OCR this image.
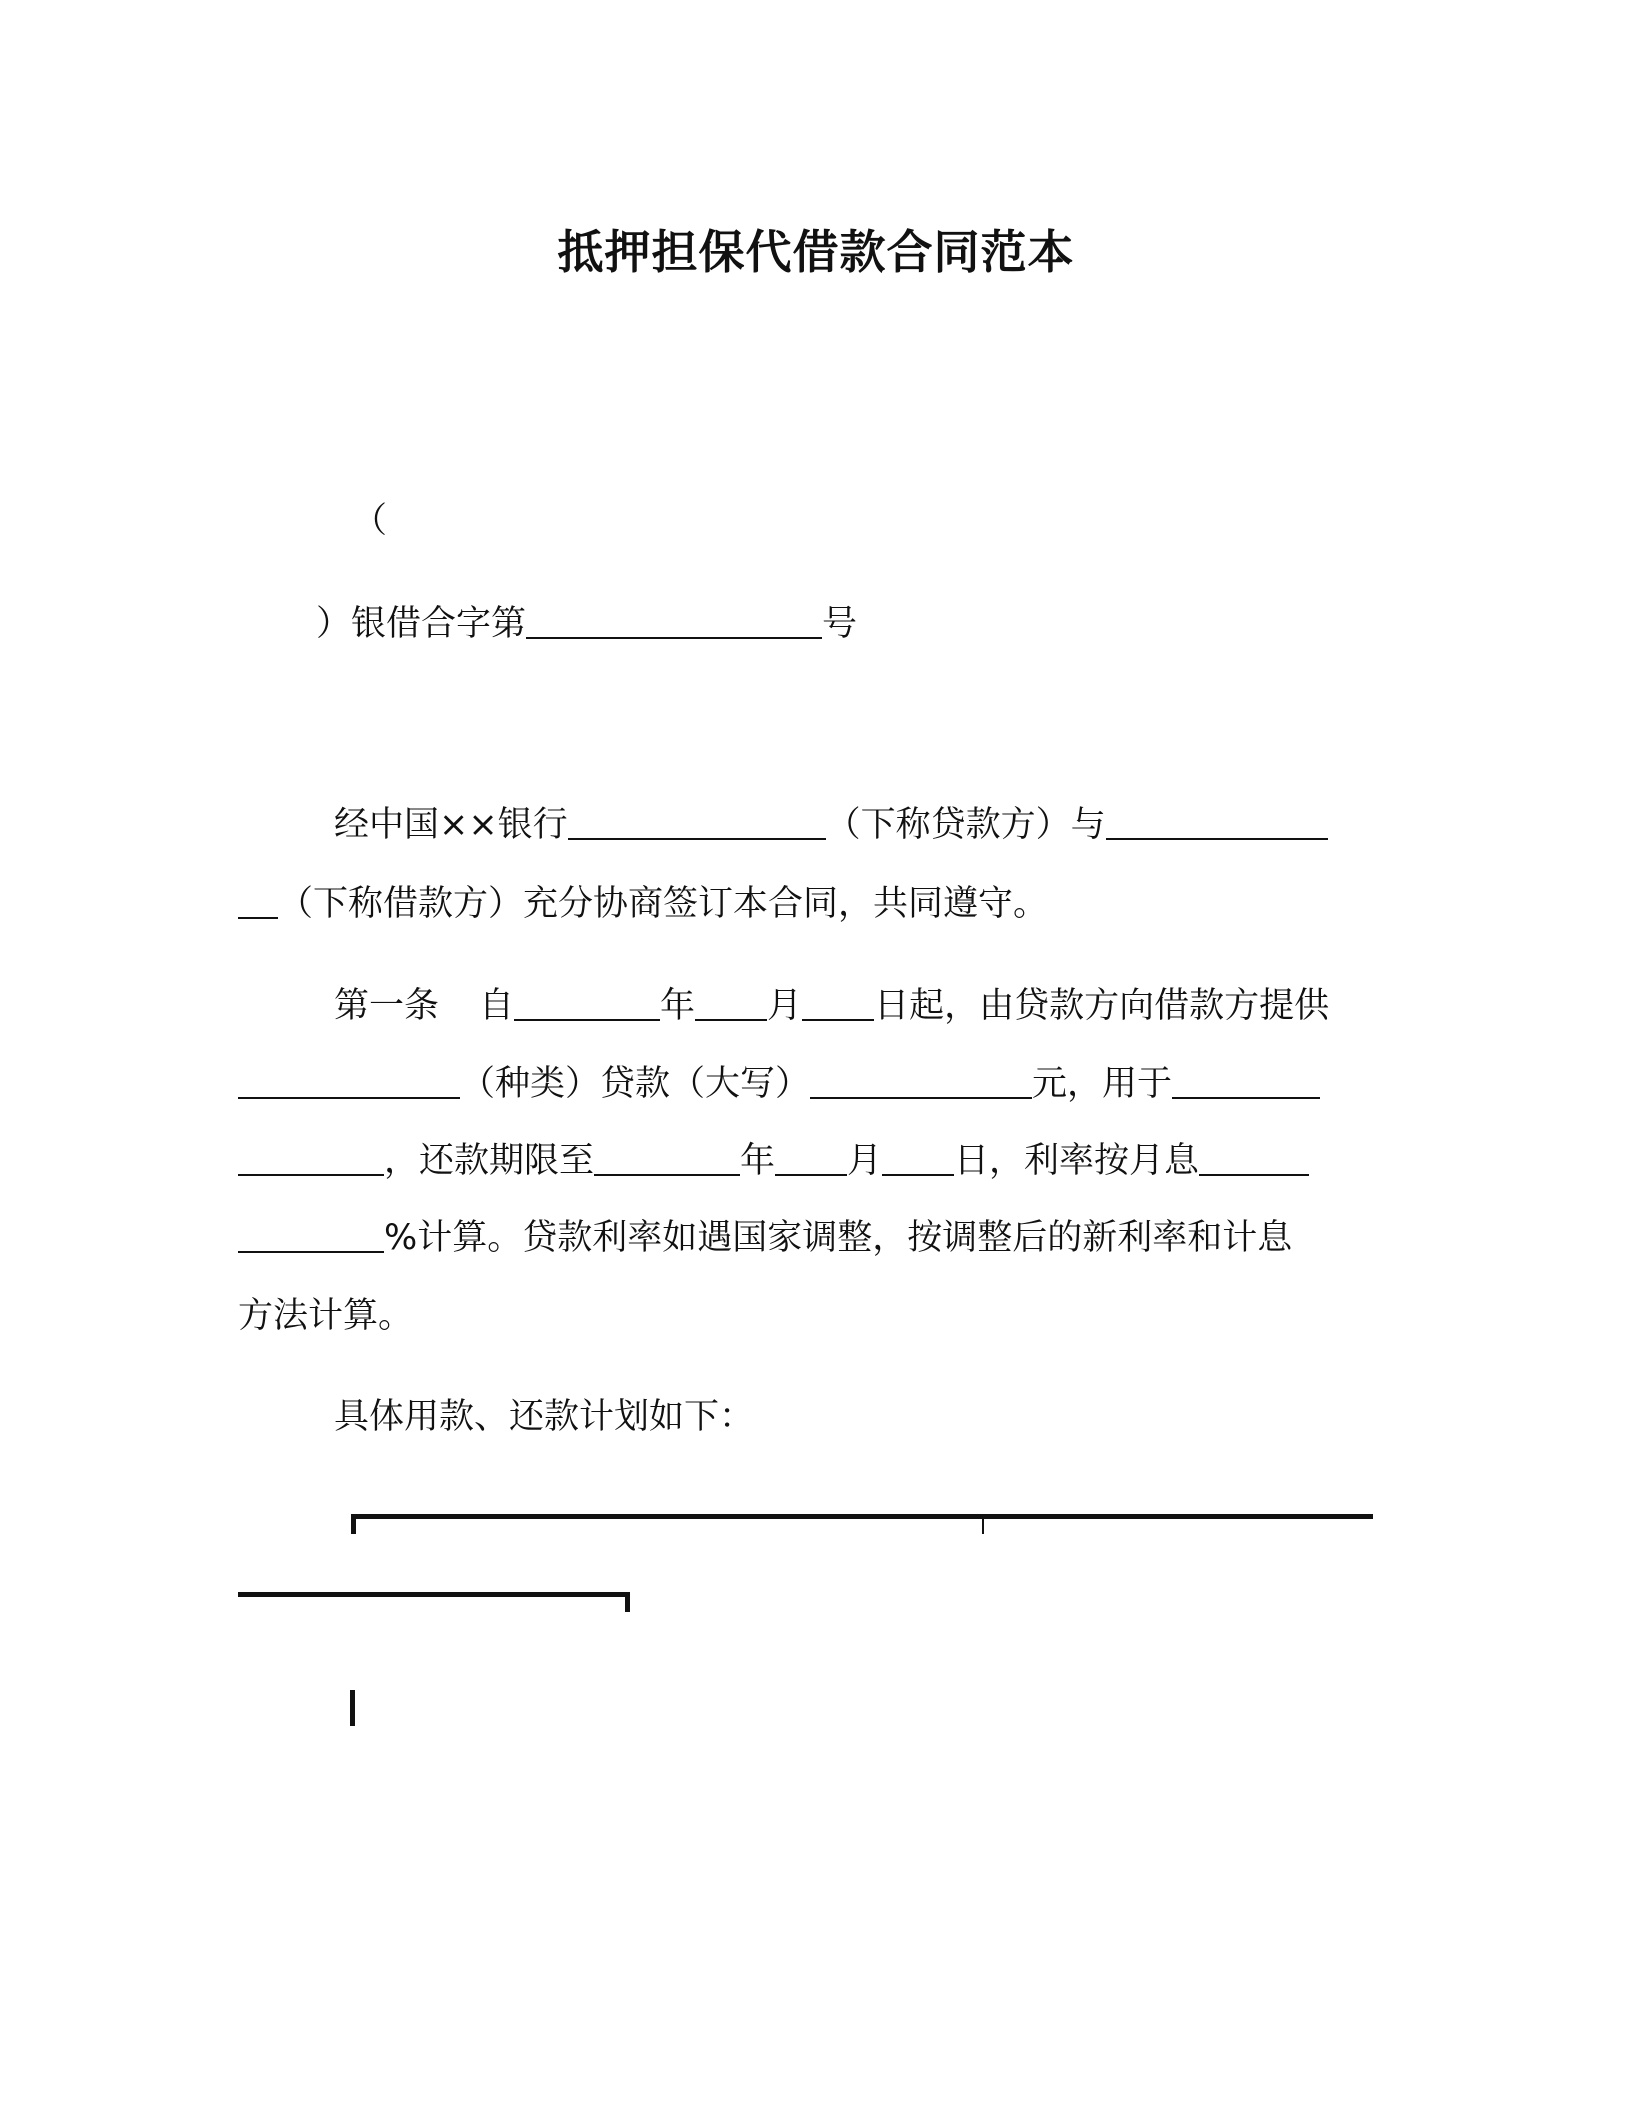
抵押担保代借款合同范本
（
）银借合字第	号
经中国××银行	（下称贷款方）与
（下称借款方）充分协商签订本合同，共同遵守。
第一条 自	年 月 日起，由贷款方向借款方提供
（种类）贷款（大写）	元，用于
，还款期限至	年 月 日，利率按月息
%计算。贷款利率如遇国家调整，按调整后的新利率和计息
方法计算。
具体用款、还款计划如下：
